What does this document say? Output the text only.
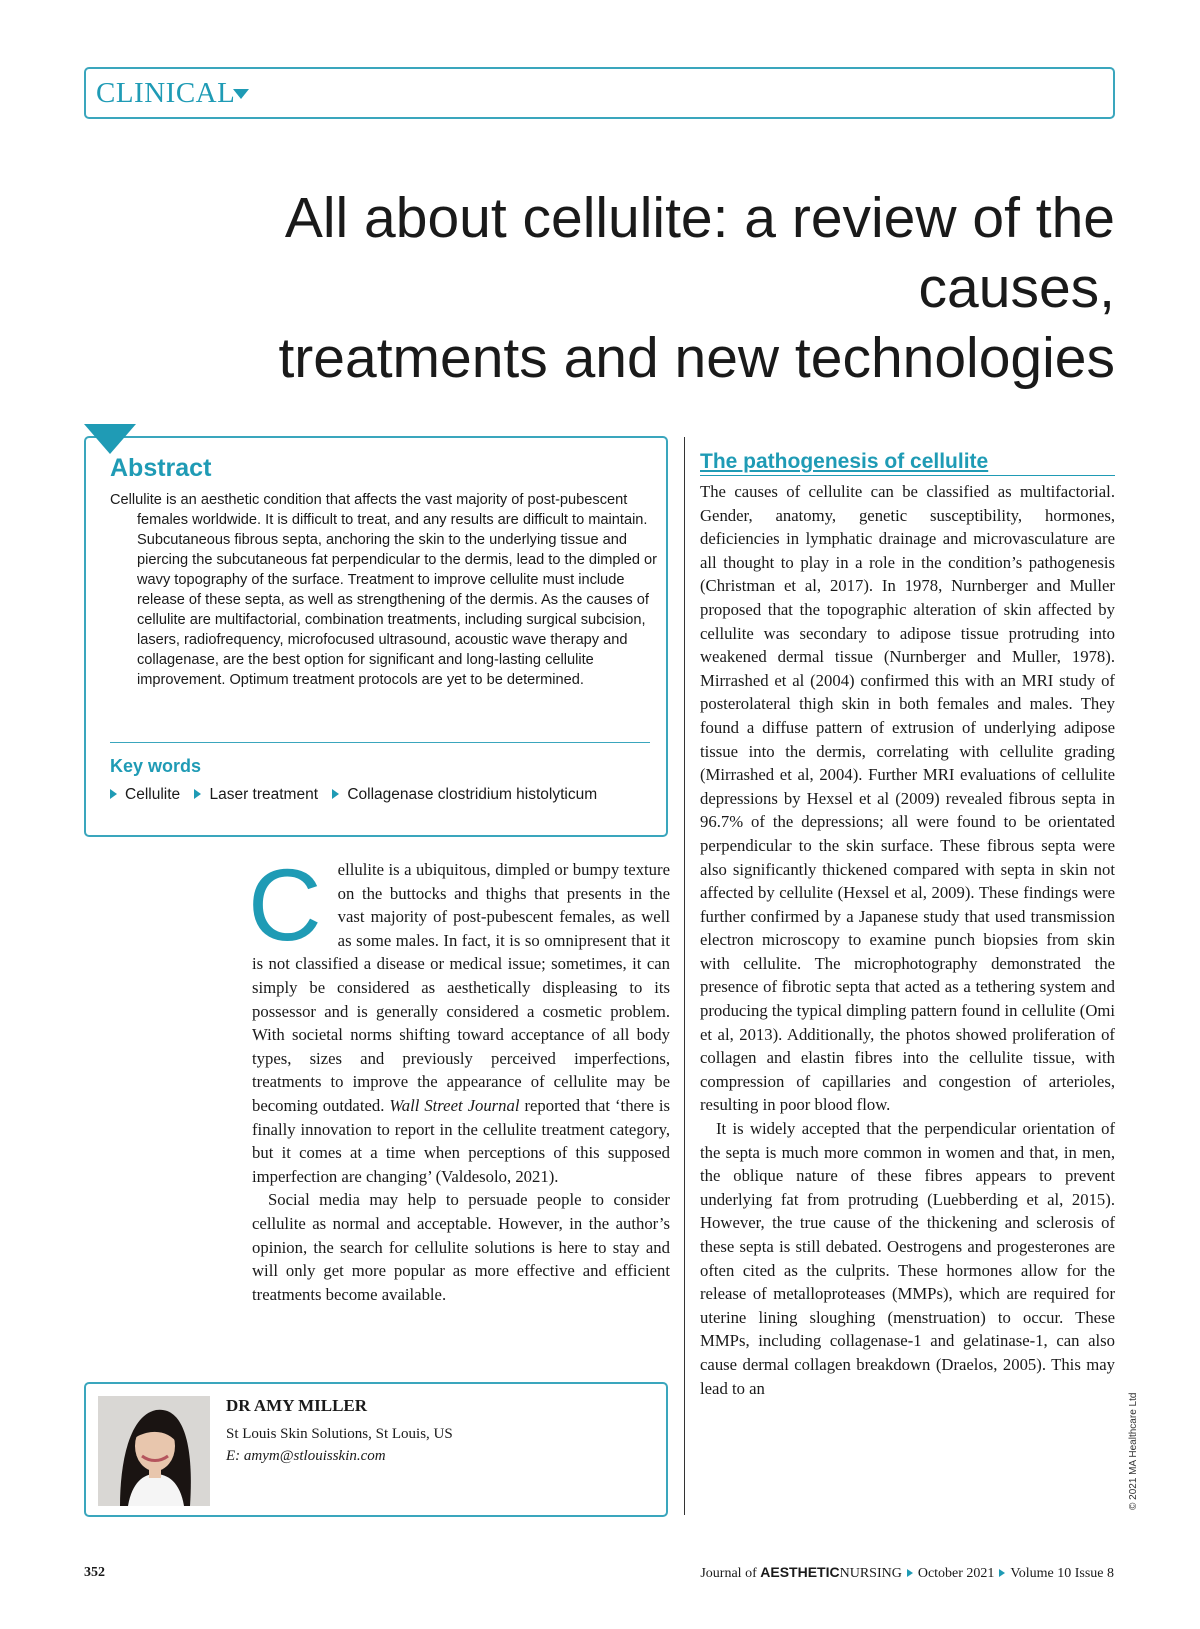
CLINICAL
All about cellulite: a review of the causes,
treatments and new technologies
Abstract

Cellulite is an aesthetic condition that affects the vast majority of post-pubescent females worldwide. It is difficult to treat, and any results are difficult to maintain. Subcutaneous fibrous septa, anchoring the skin to the underlying tissue and piercing the subcutaneous fat perpendicular to the dermis, lead to the dimpled or wavy topography of the surface. Treatment to improve cellulite must include release of these septa, as well as strengthening of the dermis. As the causes of cellulite are multifactorial, combination treatments, including surgical subcision, lasers, radiofrequency, microfocused ultrasound, acoustic wave therapy and collagenase, are the best option for significant and long-lasting cellulite improvement. Optimum treatment protocols are yet to be determined.

Key words
Cellulite Laser treatment Collagenase clostridium histolyticum

Cellulite is a ubiquitous, dimpled or bumpy texture on the buttocks and thighs that presents in the vast majority of post-pubescent females, as well as some males. In fact, it is so omnipresent that it is not classified a disease or medical issue; sometimes, it can simply be considered as aesthetically displeasing to its possessor and is generally considered a cosmetic problem. With societal norms shifting toward acceptance of all body types, sizes and previously perceived imperfections, treatments to improve the appearance of cellulite may be becoming outdated. Wall Street Journal reported that ‘there is finally innovation to report in the cellulite treatment category, but it comes at a time when perceptions of this supposed imperfection are changing’ (Valdesolo, 2021).

Social media may help to persuade people to consider cellulite as normal and acceptable. However, in the author’s opinion, the search for cellulite solutions is here to stay and will only get more popular as more effective and efficient treatments become available.

DR AMY MILLER

St Louis Skin Solutions, St Louis, US
E: amym@stlouisskin.com
The pathogenesis of cellulite

The causes of cellulite can be classified as multifactorial. Gender, anatomy, genetic susceptibility, hormones, deficiencies in lymphatic drainage and microvasculature are all thought to play in a role in the condition’s pathogenesis (Christman et al, 2017). In 1978, Nurnberger and Muller proposed that the topographic alteration of skin affected by cellulite was secondary to adipose tissue protruding into weakened dermal tissue (Nurnberger and Muller, 1978). Mirrashed et al (2004) confirmed this with an MRI study of posterolateral thigh skin in both females and males. They found a diffuse pattern of extrusion of underlying adipose tissue into the dermis, correlating with cellulite grading (Mirrashed et al, 2004). Further MRI evaluations of cellulite depressions by Hexsel et al (2009) revealed fibrous septa in 96.7% of the depressions; all were found to be orientated perpendicular to the skin surface. These fibrous septa were also significantly thickened compared with septa in skin not affected by cellulite (Hexsel et al, 2009). These findings were further confirmed by a Japanese study that used transmission electron microscopy to examine punch biopsies from skin with cellulite. The microphotography demonstrated the presence of fibrotic septa that acted as a tethering system and producing the typical dimpling pattern found in cellulite (Omi et al, 2013). Additionally, the photos showed proliferation of collagen and elastin fibres into the cellulite tissue, with compression of capillaries and congestion of arterioles, resulting in poor blood flow.

It is widely accepted that the perpendicular orientation of the septa is much more common in women and that, in men, the oblique nature of these fibres appears to prevent underlying fat from protruding (Luebberding et al, 2015). However, the true cause of the thickening and sclerosis of these septa is still debated. Oestrogens and progesterones are often cited as the culprits. These hormones allow for the release of metalloproteases (MMPs), which are required for uterine lining sloughing (menstruation) to occur. These MMPs, including collagenase-1 and gelatinase-1, can also cause dermal collagen breakdown (Draelos, 2005). This may lead to an

© 2021 MA Healthcare Ltd
352	Journal of AESTHETICNURSING October 2021 Volume 10 Issue 8
